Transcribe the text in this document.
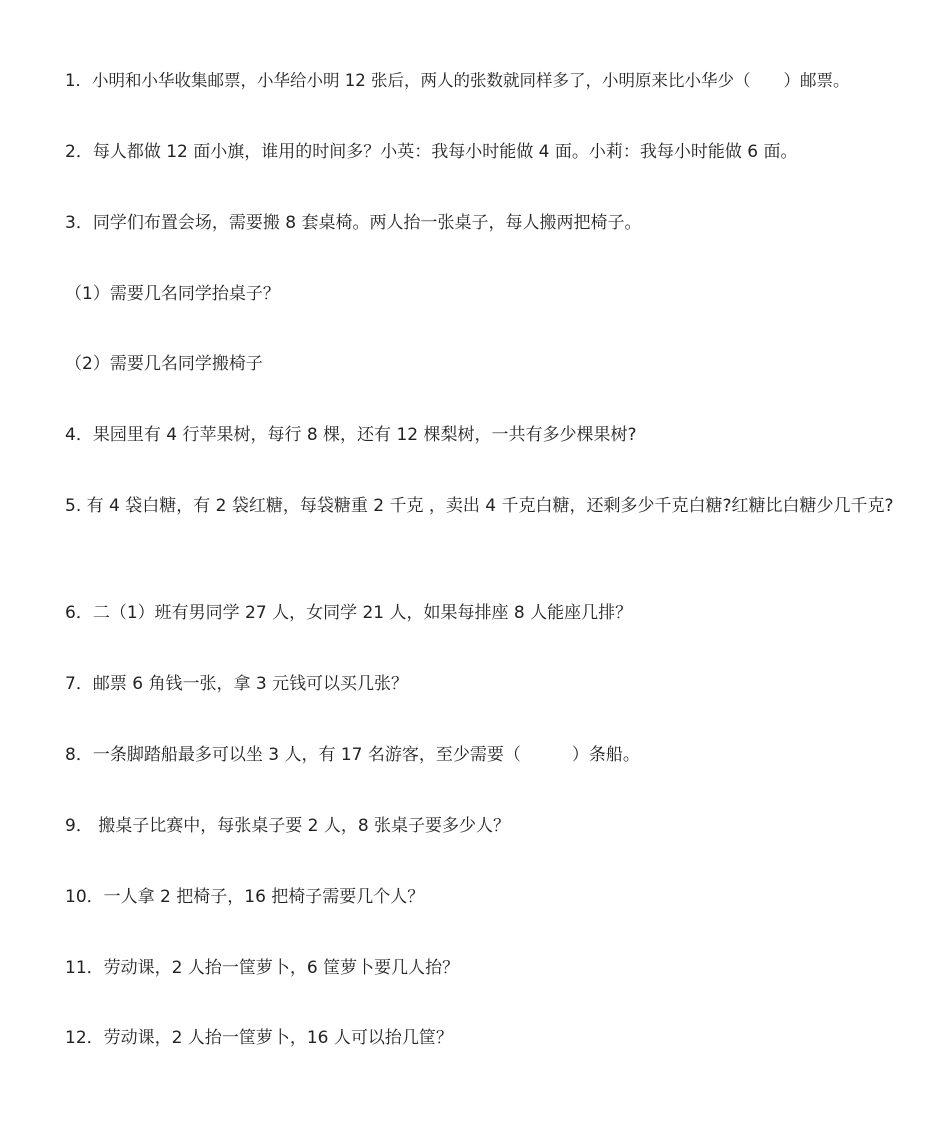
1．小明和小华收集邮票，小华给小明 12 张后，两人的张数就同样多了，小明原来比小华少（　　）邮票。
2．每人都做 12 面小旗，谁用的时间多？小英：我每小时能做 4 面。小莉：我每小时能做 6 面。
3．同学们布置会场，需要搬 8 套桌椅。两人抬一张桌子，每人搬两把椅子。
（1）需要几名同学抬桌子？
（2）需要几名同学搬椅子
4．果园里有 4 行苹果树，每行 8 棵，还有 12 棵梨树，一共有多少棵果树?
5. 有 4 袋白糖，有 2 袋红糖，每袋糖重 2 千克 ，卖出 4 千克白糖，还剩多少千克白糖?红糖比白糖少几千克?
6．二（1）班有男同学 27 人，女同学 21 人，如果每排座 8 人能座几排？
7．邮票 6 角钱一张，拿 3 元钱可以买几张？
8．一条脚踏船最多可以坐 3 人，有 17 名游客，至少需要（　　　）条船。
9． 搬桌子比赛中，每张桌子要 2 人，8 张桌子要多少人？
10．一人拿 2 把椅子，16 把椅子需要几个人？
11．劳动课，2 人抬一筐萝卜，6 筐萝卜要几人抬？
12．劳动课，2 人抬一筐萝卜，16 人可以抬几筐？
